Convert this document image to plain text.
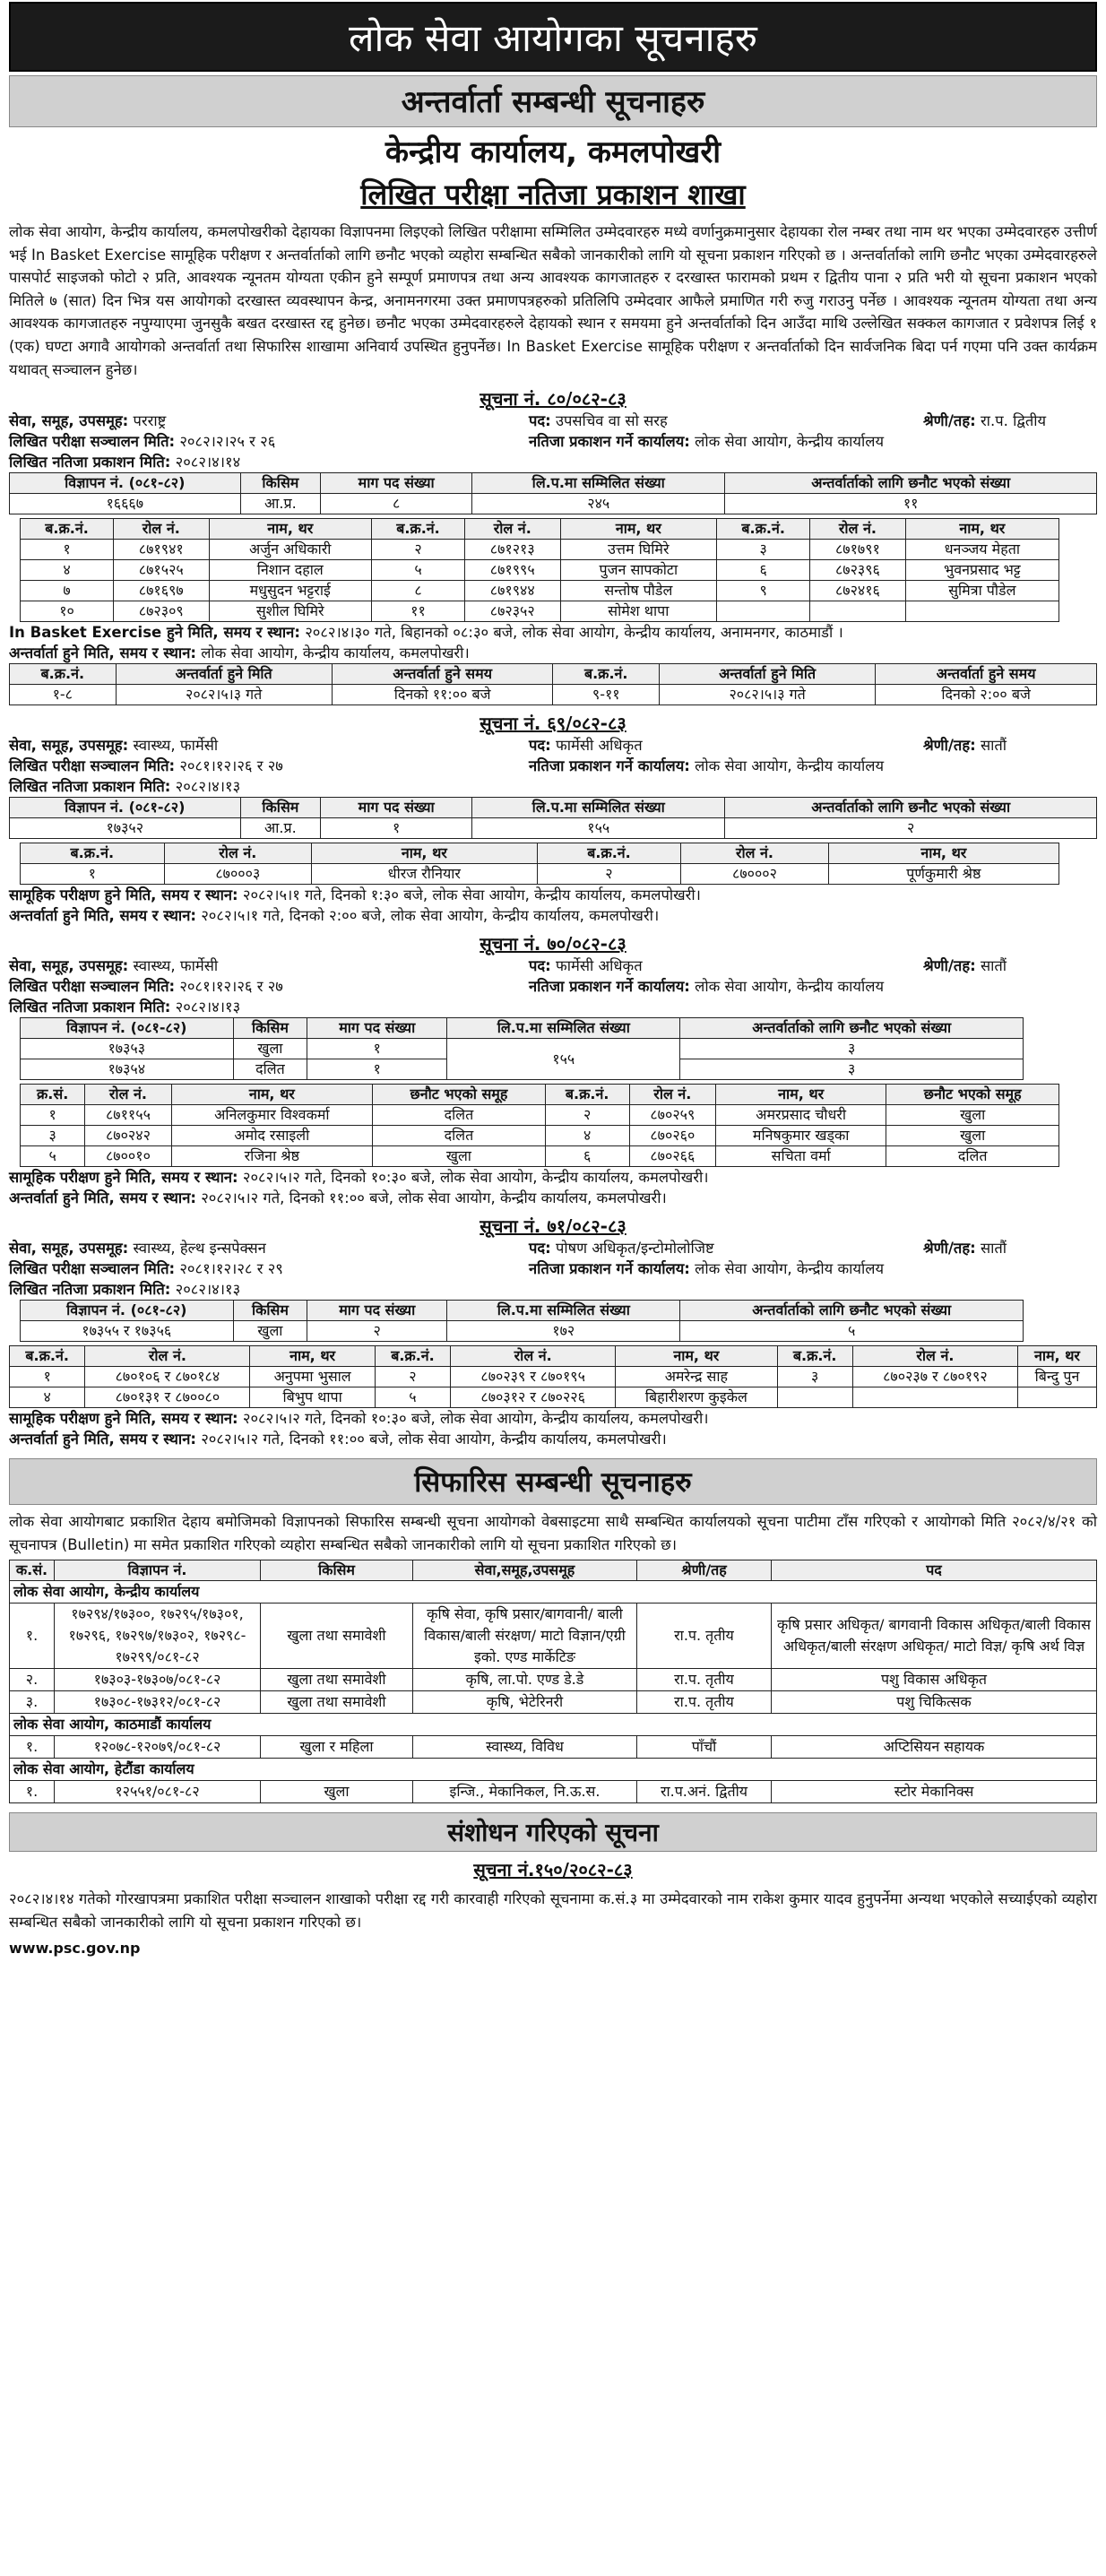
लोक सेवा आयोगका सूचनाहरु
अन्तर्वार्ता सम्बन्धी सूचनाहरु
केन्द्रीय कार्यालय, कमलपोखरी
लिखित परीक्षा नतिजा प्रकाशन शाखा

लोक सेवा आयोग, केन्द्रीय कार्यालय, कमलपोखरीको देहायका विज्ञापनमा लिइएको लिखित परीक्षामा सम्मिलित उम्मेदवारहरु मध्ये वर्णानुक्रमानुसार देहायका रोल नम्बर तथा नाम थर भएका उम्मेदवारहरु उत्तीर्ण भई In Basket Exercise सामूहिक परीक्षण र अन्तर्वार्ताको लागि छनौट भएको व्यहोरा सम्बन्धित सबैको जानकारीको लागि यो सूचना प्रकाशन गरिएको छ । अन्तर्वार्ताको लागि छनौट भएका उम्मेदवारहरुले पासपोर्ट साइजको फोटो २ प्रति, आवश्यक न्यूनतम योग्यता एकीन हुने सम्पूर्ण प्रमाणपत्र तथा अन्य आवश्यक कागजातहरु र दरखास्त फारामको प्रथम र द्वितीय पाना २ प्रति भरी यो सूचना प्रकाशन भएको मितिले ७ (सात) दिन भित्र यस आयोगको दरखास्त व्यवस्थापन केन्द्र, अनामनगरमा उक्त प्रमाणपत्रहरुको प्रतिलिपि उम्मेदवार आफैले प्रमाणित गरी रुजु गराउनु पर्नेछ । आवश्यक न्यूनतम योग्यता तथा अन्य आवश्यक कागजातहरु नपुग्याएमा जुनसुकै बखत दरखास्त रद्द हुनेछ। छनौट भएका उम्मेदवारहरुले देहायको स्थान र समयमा हुने अन्तर्वार्ताको दिन आउँदा माथि उल्लेखित सक्कल कागजात र प्रवेशपत्र लिई १ (एक) घण्टा अगावै आयोगको अन्तर्वार्ता तथा सिफारिस शाखामा अनिवार्य उपस्थित हुनुपर्नेछ। In Basket Exercise सामूहिक परीक्षण र अन्तर्वार्ताको दिन सार्वजनिक बिदा पर्न गएमा पनि उक्त कार्यक्रम यथावत् सञ्चालन हुनेछ।

सूचना नं. ८०/०८२-८३
सेवा, समूह, उपसमूह: परराष्ट्र	पद: उपसचिव वा सो सरह	श्रेणी/तह: रा.प. द्वितीय
लिखित परीक्षा सञ्चालन मिति: २०८२।२।२५ र २६	नतिजा प्रकाशन गर्ने कार्यालय: लोक सेवा आयोग, केन्द्रीय कार्यालय
लिखित नतिजा प्रकाशन मिति: २०८२।४।१४
विज्ञापन नं. (०८१-८२)	किसिम	माग पद संख्या	लि.प.मा सम्मिलित संख्या	अन्तर्वार्ताको लागि छनौट भएको संख्या
१६६६७	आ.प्र.	८	२४५	११
ब.क्र.नं.	रोल नं.	नाम, थर	ब.क्र.नं.	रोल नं.	नाम, थर	ब.क्र.नं.	रोल नं.	नाम, थर
१	८७१९४१	अर्जुन अधिकारी	२	८७१२१३	उत्तम घिमिरे	३	८७१७९१	धनञ्जय मेहता
४	८७१५२५	निशान दहाल	५	८७१९९५	पुजन सापकोटा	६	८७२३९६	भुवनप्रसाद भट्ट
७	८७१६९७	मधुसुदन भट्टराई	८	८७१९४४	सन्तोष पौडेल	९	८७२४१६	सुमित्रा पौडेल
१०	८७२३०९	सुशील घिमिरे	११	८७२३५२	सोमेश थापा			
In Basket Exercise हुने मिति, समय र स्थान: २०८२।४।३० गते, बिहानको ०८:३० बजे, लोक सेवा आयोग, केन्द्रीय कार्यालय, अनामनगर, काठमाडौं ।
अन्तर्वार्ता हुने मिति, समय र स्थान: लोक सेवा आयोग, केन्द्रीय कार्यालय, कमलपोखरी।
ब.क्र.नं.	अन्तर्वार्ता हुने मिति	अन्तर्वार्ता हुने समय	ब.क्र.नं.	अन्तर्वार्ता हुने मिति	अन्तर्वार्ता हुने समय
१-८	२०८२।५।३ गते	दिनको ११:०० बजे	९-११	२०८२।५।३ गते	दिनको २:०० बजे
सूचना नं. ६९/०८२-८३
सेवा, समूह, उपसमूह: स्वास्थ्य, फार्मेसी	पद: फार्मेसी अधिकृत	श्रेणी/तह: सातौं
लिखित परीक्षा सञ्चालन मिति: २०८१।१२।२६ र २७	नतिजा प्रकाशन गर्ने कार्यालय: लोक सेवा आयोग, केन्द्रीय कार्यालय
लिखित नतिजा प्रकाशन मिति: २०८२।४।१३
विज्ञापन नं. (०८१-८२)	किसिम	माग पद संख्या	लि.प.मा सम्मिलित संख्या	अन्तर्वार्ताको लागि छनौट भएको संख्या
१७३५२	आ.प्र.	१	१५५	२
ब.क्र.नं.	रोल नं.	नाम, थर	ब.क्र.नं.	रोल नं.	नाम, थर
१	८७०००३	धीरज रौनियार	२	८७०००२	पूर्णकुमारी श्रेष्ठ
सामूहिक परीक्षण हुने मिति, समय र स्थान: २०८२।५।१ गते, दिनको १:३० बजे, लोक सेवा आयोग, केन्द्रीय कार्यालय, कमलपोखरी।
अन्तर्वार्ता हुने मिति, समय र स्थान: २०८२।५।१ गते, दिनको २:०० बजे, लोक सेवा आयोग, केन्द्रीय कार्यालय, कमलपोखरी।
सूचना नं. ७०/०८२-८३
सेवा, समूह, उपसमूह: स्वास्थ्य, फार्मेसी	पद: फार्मेसी अधिकृत	श्रेणी/तह: सातौं
लिखित परीक्षा सञ्चालन मिति: २०८१।१२।२६ र २७	नतिजा प्रकाशन गर्ने कार्यालय: लोक सेवा आयोग, केन्द्रीय कार्यालय
लिखित नतिजा प्रकाशन मिति: २०८२।४।१३
विज्ञापन नं. (०८१-८२)	किसिम	माग पद संख्या	लि.प.मा सम्मिलित संख्या	अन्तर्वार्ताको लागि छनौट भएको संख्या
१७३५३	खुला	१	१५५	३
१७३५४	दलित	१		३
क्र.सं.	रोल नं.	नाम, थर	छनौट भएको समूह	ब.क्र.नं.	रोल नं.	नाम, थर	छनौट भएको समूह
१	८७११५५	अनिलकुमार विश्वकर्मा	दलित	२	८७०२५९	अमरप्रसाद चौधरी	खुला
३	८७०२४२	अमोद रसाइली	दलित	४	८७०२६०	मनिषकुमार खड्का	खुला
५	८७००१०	रजिना श्रेष्ठ	खुला	६	८७०२६६	सचिता वर्मा	दलित
सामूहिक परीक्षण हुने मिति, समय र स्थान: २०८२।५।२ गते, दिनको १०:३० बजे, लोक सेवा आयोग, केन्द्रीय कार्यालय, कमलपोखरी।
अन्तर्वार्ता हुने मिति, समय र स्थान: २०८२।५।२ गते, दिनको ११:०० बजे, लोक सेवा आयोग, केन्द्रीय कार्यालय, कमलपोखरी।
सूचना नं. ७१/०८२-८३
सेवा, समूह, उपसमूह: स्वास्थ्य, हेल्थ इन्सपेक्सन	पद: पोषण अधिकृत/इन्टोमोलोजिष्ट	श्रेणी/तह: सातौं
लिखित परीक्षा सञ्चालन मिति: २०८१।१२।२८ र २९	नतिजा प्रकाशन गर्ने कार्यालय: लोक सेवा आयोग, केन्द्रीय कार्यालय
लिखित नतिजा प्रकाशन मिति: २०८२।४।१३
विज्ञापन नं. (०८१-८२)	किसिम	माग पद संख्या	लि.प.मा सम्मिलित संख्या	अन्तर्वार्ताको लागि छनौट भएको संख्या
१७३५५ र १७३५६	खुला	२	१७२	५
ब.क्र.नं.	रोल नं.	नाम, थर	ब.क्र.नं.	रोल नं.	नाम, थर	ब.क्र.नं.	रोल नं.	नाम, थर
१	८७०१०६ र ८७०१८४	अनुपमा भुसाल	२	८७०२३९ र ८७०१९५	अमरेन्द्र साह	३	८७०२३७ र ८७०१९२	बिन्दु पुन
४	८७०१३१ र ८७००८०	बिभुप थापा	५	८७०३१२ र ८७०२२६	बिहारीशरण कुइकेल			
सामूहिक परीक्षण हुने मिति, समय र स्थान: २०८२।५।२ गते, दिनको १०:३० बजे, लोक सेवा आयोग, केन्द्रीय कार्यालय, कमलपोखरी।
अन्तर्वार्ता हुने मिति, समय र स्थान: २०८२।५।२ गते, दिनको ११:०० बजे, लोक सेवा आयोग, केन्द्रीय कार्यालय, कमलपोखरी।
सिफारिस सम्बन्धी सूचनाहरु

लोक सेवा आयोगबाट प्रकाशित देहाय बमोजिमको विज्ञापनको सिफारिस सम्बन्धी सूचना आयोगको वेबसाइटमा साथै सम्बन्धित कार्यालयको सूचना पाटीमा टाँस गरिएको र आयोगको मिति २०८२/४/२१ को सूचनापत्र (Bulletin) मा समेत प्रकाशित गरिएको व्यहोरा सम्बन्धित सबैको जानकारीको लागि यो सूचना प्रकाशित गरिएको छ।

क.सं.	विज्ञापन नं.	किसिम	सेवा,समूह,उपसमूह	श्रेणी/तह	पद
लोक सेवा आयोग, केन्द्रीय कार्यालय					
१.	१७२९४/१७३००, १७२९५/१७३०१, १७२९६, १७२९७/१७३०२, १७२९८- १७२९९/०८१-८२	खुला तथा समावेशी	कृषि सेवा, कृषि प्रसार/बागवानी/ बाली विकास/बाली संरक्षण/ माटो विज्ञान/एग्री इको. एण्ड मार्केटिङ	रा.प. तृतीय	कृषि प्रसार अधिकृत/ बागवानी विकास अधिकृत/बाली विकास अधिकृत/बाली संरक्षण अधिकृत/ माटो विज्ञ/ कृषि अर्थ विज्ञ
२.	१७३०३-१७३०७/०८१-८२	खुला तथा समावेशी	कृषि, ला.पो. एण्ड डे.डे	रा.प. तृतीय	पशु विकास अधिकृत
३.	१७३०८-१७३१२/०८१-८२	खुला तथा समावेशी	कृषि, भेटेरिनरी	रा.प. तृतीय	पशु चिकित्सक
लोक सेवा आयोग, काठमाडौं कार्यालय					
१.	१२०७८-१२०७९/०८१-८२	खुला र महिला	स्वास्थ्य, विविध	पाँचौं	अप्टिसियन सहायक
लोक सेवा आयोग, हेटौंडा कार्यालय					
१.	१२५५१/०८१-८२	खुला	इन्जि., मेकानिकल, नि.ऊ.स.	रा.प.अनं. द्वितीय	स्टोर मेकानिक्स
संशोधन गरिएको सूचना
सूचना नं.१५०/२०८२-८३

२०८२।४।१४ गतेको गोरखापत्रमा प्रकाशित परीक्षा सञ्चालन शाखाको परीक्षा रद्द गरी कारवाही गरिएको सूचनामा क.सं.३ मा उम्मेदवारको नाम राकेश कुमार यादव हुनुपर्नेमा अन्यथा भएकोले सच्याईएको व्यहोरा सम्बन्धित सबैको जानकारीको लागि यो सूचना प्रकाशन गरिएको छ।

www.psc.gov.np
